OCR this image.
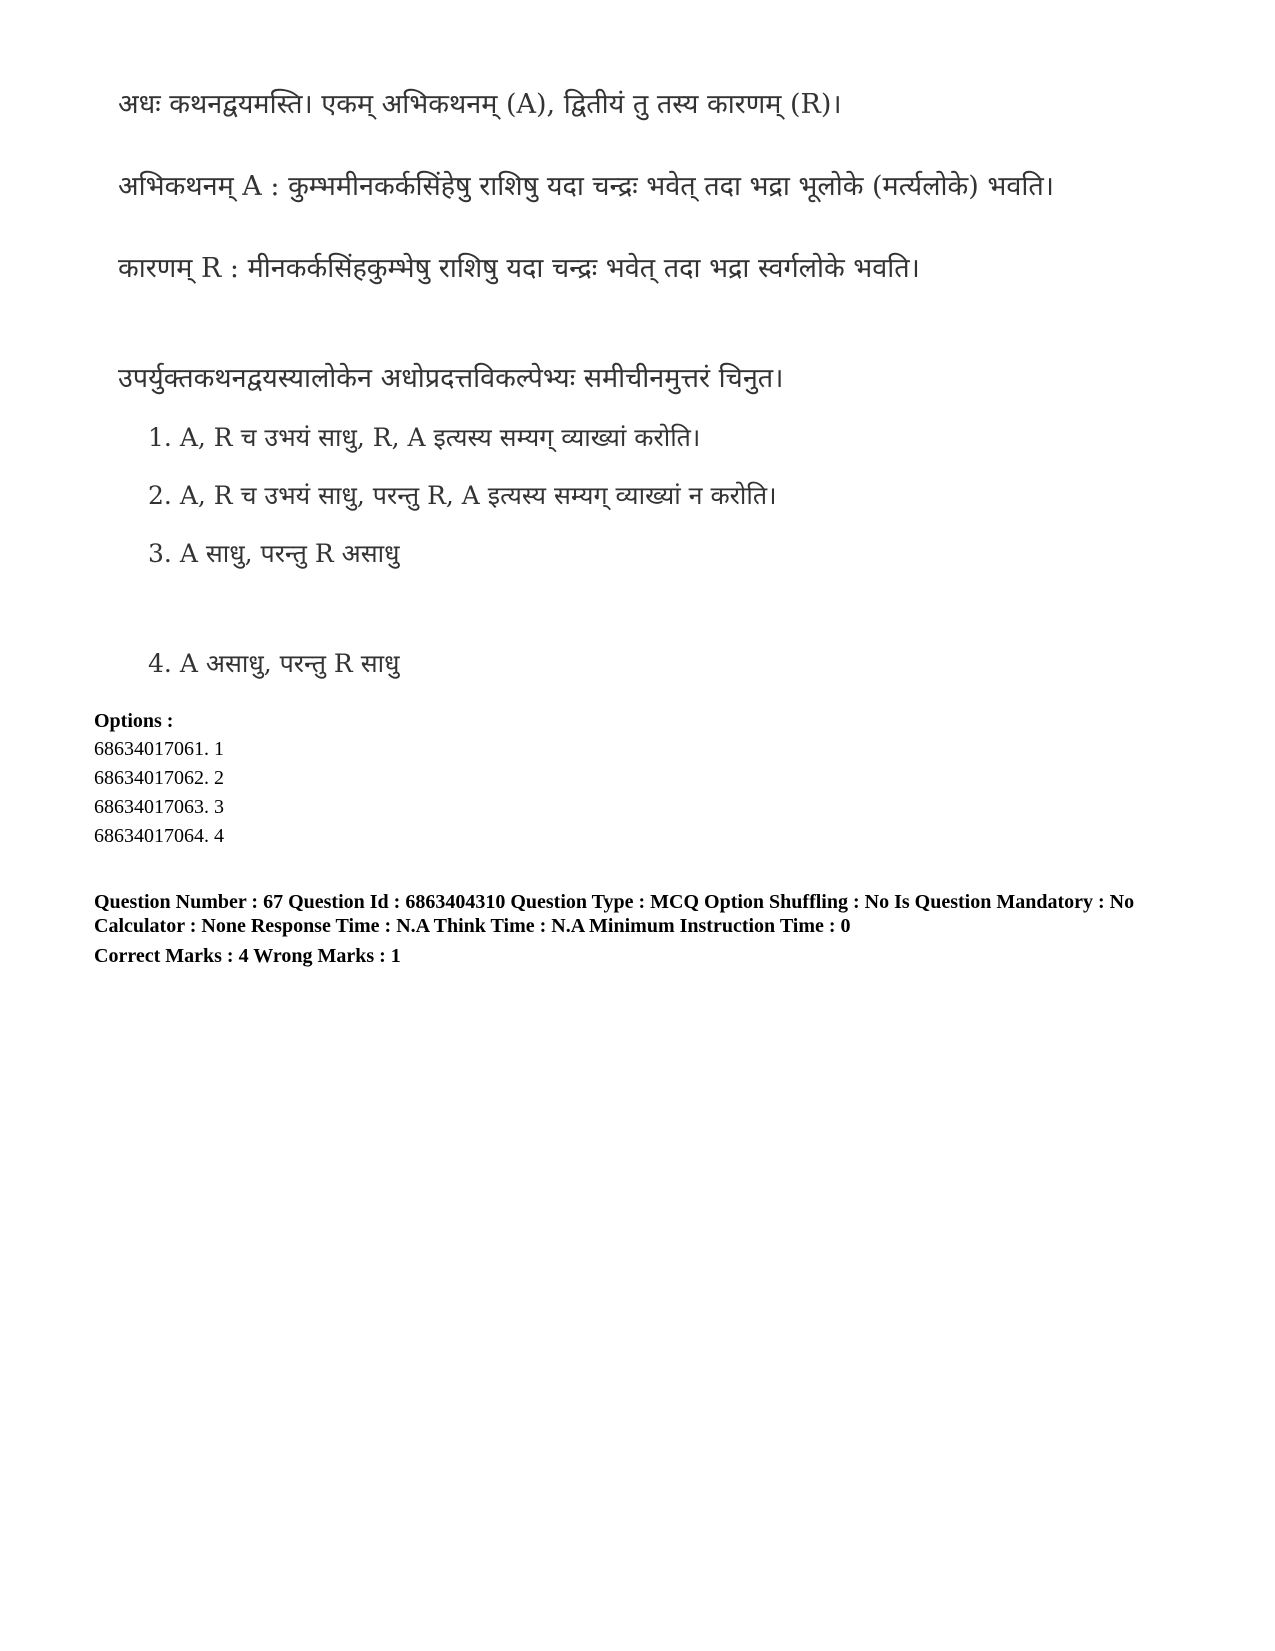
अधः कथनद्वयमस्ति। एकम् अभिकथनम् (A), द्वितीयं तु तस्य कारणम् (R)।
अभिकथनम् A : कुम्भमीनकर्कसिंहेषु राशिषु यदा चन्द्रः भवेत् तदा भद्रा भूलोके (मर्त्यलोके) भवति।
कारणम् R : मीनकर्कसिंहकुम्भेषु राशिषु यदा चन्द्रः भवेत् तदा भद्रा स्वर्गलोके भवति।
उपर्युक्तकथनद्वयस्यालोकेन अधोप्रदत्तविकल्पेभ्यः समीचीनमुत्तरं चिनुत।
1. A, R च उभयं साधु, R, A इत्यस्य सम्यग् व्याख्यां करोति।
2. A, R च उभयं साधु, परन्तु R, A इत्यस्य सम्यग् व्याख्यां न करोति।
3. A साधु, परन्तु R असाधु
4. A असाधु, परन्तु R साधु
Options :
68634017061. 1
68634017062. 2
68634017063. 3
68634017064. 4
Question Number : 67 Question Id : 6863404310 Question Type : MCQ Option Shuffling : No Is Question Mandatory : No Calculator : None Response Time : N.A Think Time : N.A Minimum Instruction Time : 0
Correct Marks : 4 Wrong Marks : 1
